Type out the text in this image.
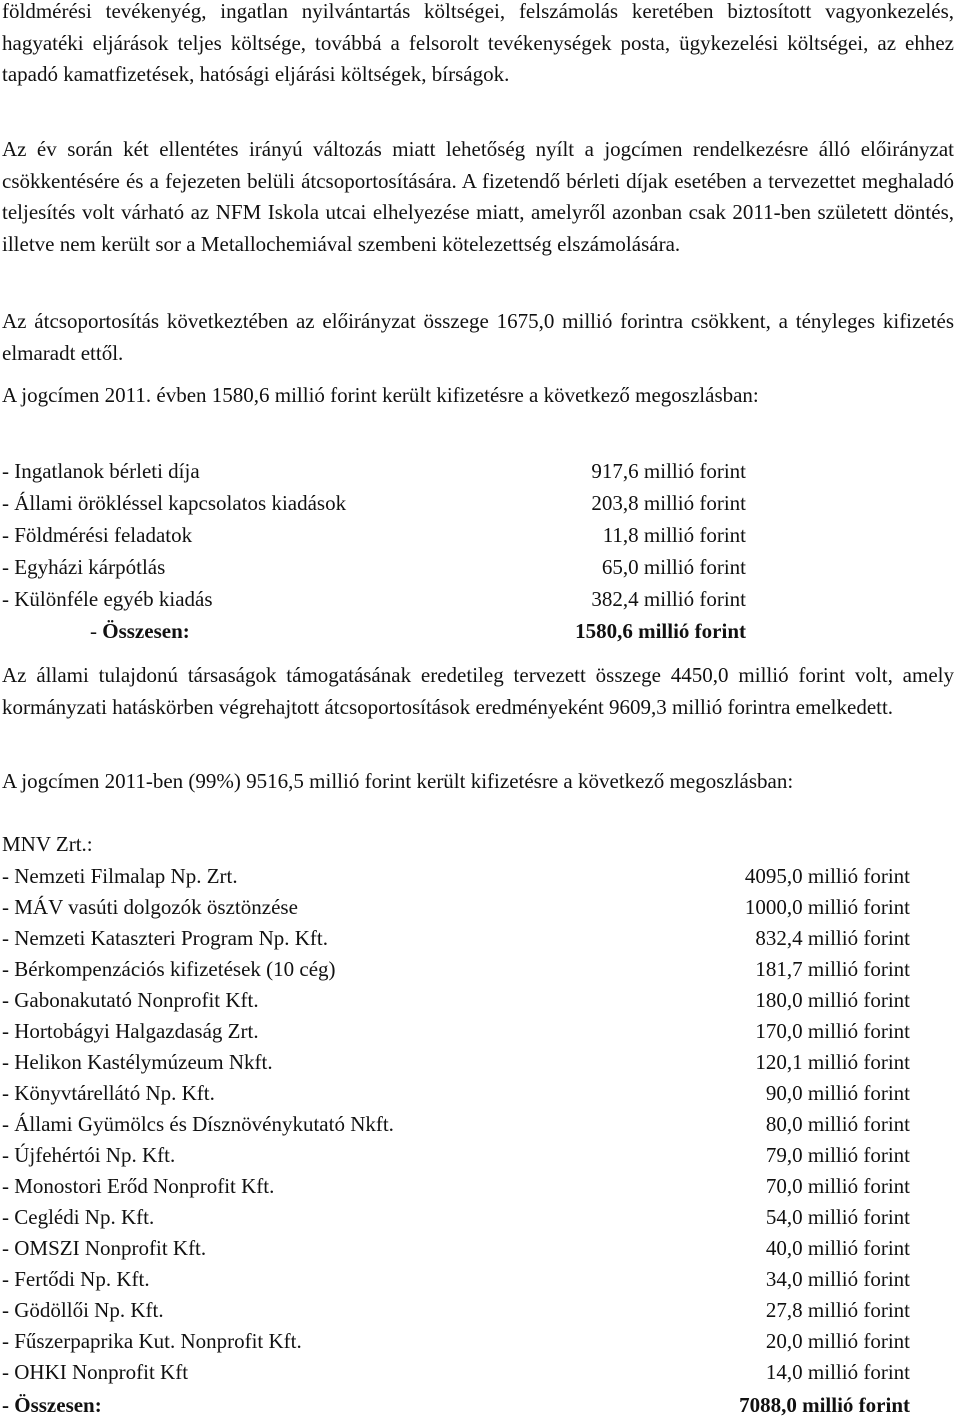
földmérési tevékenyég, ingatlan nyilvántartás költségei, felszámolás keretében biztosított vagyonkezelés, hagyatéki eljárások teljes költsége, továbbá a felsorolt tevékenységek posta, ügykezelési költségei, az ehhez tapadó kamatfizetések, hatósági eljárási költségek, bírságok.

Az év során két ellentétes irányú változás miatt lehetőség nyílt a jogcímen rendelkezésre álló előirányzat csökkentésére és a fejezeten belüli átcsoportosítására. A fizetendő bérleti díjak esetében a tervezettet meghaladó teljesítés volt várható az NFM Iskola utcai elhelyezése miatt, amelyről azonban csak 2011-ben született döntés, illetve nem került sor a Metallochemiával szembeni kötelezettség elszámolására.

Az átcsoportosítás következtében az előirányzat összege 1675,0 millió forintra csökkent, a tényleges kifizetés elmaradt ettől.

A jogcímen 2011. évben 1580,6 millió forint került kifizetésre a következő megoszlásban:

- Ingatlanok bérleti díja	917,6 millió forint
- Állami örökléssel kapcsolatos kiadások	203,8 millió forint
- Földmérési feladatok	11,8 millió forint
- Egyházi kárpótlás	65,0 millió forint
- Különféle egyéb kiadás	382,4 millió forint
- Összesen:	1580,6 millió forint

Az állami tulajdonú társaságok támogatásának eredetileg tervezett összege 4450,0 millió forint volt, amely kormányzati hatáskörben végrehajtott átcsoportosítások eredményeként 9609,3 millió forintra emelkedett.

A jogcímen 2011-ben (99%) 9516,5 millió forint került kifizetésre a következő megoszlásban:

MNV Zrt.:

- Nemzeti Filmalap Np. Zrt.	4095,0 millió forint
- MÁV vasúti dolgozók ösztönzése	1000,0 millió forint
- Nemzeti Kataszteri Program Np. Kft.	832,4 millió forint
- Bérkompenzációs kifizetések (10 cég)	181,7 millió forint
- Gabonakutató Nonprofit Kft.	180,0 millió forint
- Hortobágyi Halgazdaság Zrt.	170,0 millió forint
- Helikon Kastélymúzeum Nkft.	120,1 millió forint
- Könyvtárellátó Np. Kft.	90,0 millió forint
- Állami Gyümölcs és Dísznövénykutató Nkft.	80,0 millió forint
- Újfehértói Np. Kft.	79,0 millió forint
- Monostori Erőd Nonprofit Kft.	70,0 millió forint
- Ceglédi Np. Kft.	54,0 millió forint
- OMSZI Nonprofit Kft.	40,0 millió forint
- Fertődi Np. Kft.	34,0 millió forint
- Gödöllői Np. Kft.	27,8 millió forint
- Fűszerpaprika Kut. Nonprofit Kft.	20,0 millió forint
- OHKI Nonprofit Kft	14,0 millió forint
- Összesen:	7088,0 millió forint
